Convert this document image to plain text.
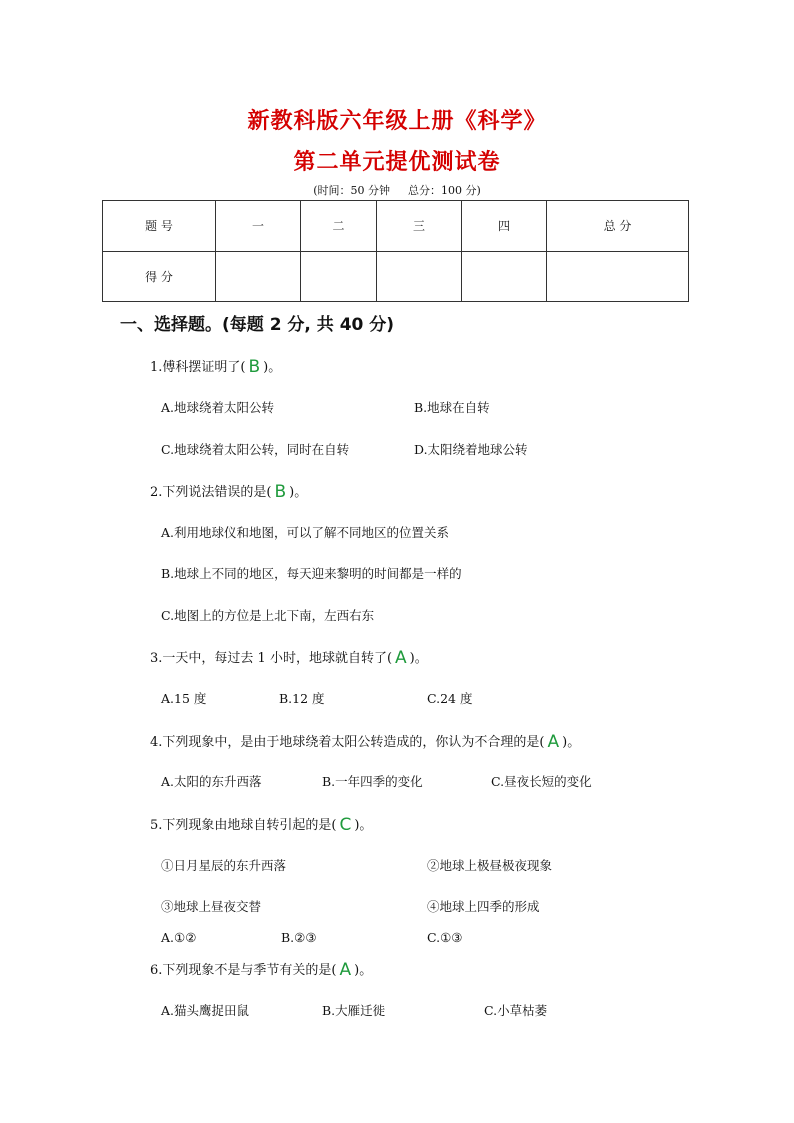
新教科版六年级上册《科学》
第二单元提优测试卷
(时间：50 分钟 总分：100 分)
题 号	一	二	三	四	总 分
得 分					
一、选择题。(每题 2 分, 共 40 分)
1.傅科摆证明了( B )。
A.地球绕着太阳公转	B.地球在自转
C.地球绕着太阳公转，同时在自转	D.太阳绕着地球公转
2.下列说法错误的是( B )。
A.利用地球仪和地图，可以了解不同地区的位置关系
B.地球上不同的地区，每天迎来黎明的时间都是一样的
C.地图上的方位是上北下南，左西右东
3.一天中，每过去 1 小时，地球就自转了( A )。
A.15 度	B.12 度	C.24 度
4.下列现象中，是由于地球绕着太阳公转造成的，你认为不合理的是( A )。
A.太阳的东升西落	B.一年四季的变化	C.昼夜长短的变化
5.下列现象由地球自转引起的是( C )。
①日月星辰的东升西落	②地球上极昼极夜现象
③地球上昼夜交替	④地球上四季的形成
A.①②	B.②③	C.①③
6.下列现象不是与季节有关的是( A )。
A.猫头鹰捉田鼠	B.大雁迁徙	C.小草枯萎
